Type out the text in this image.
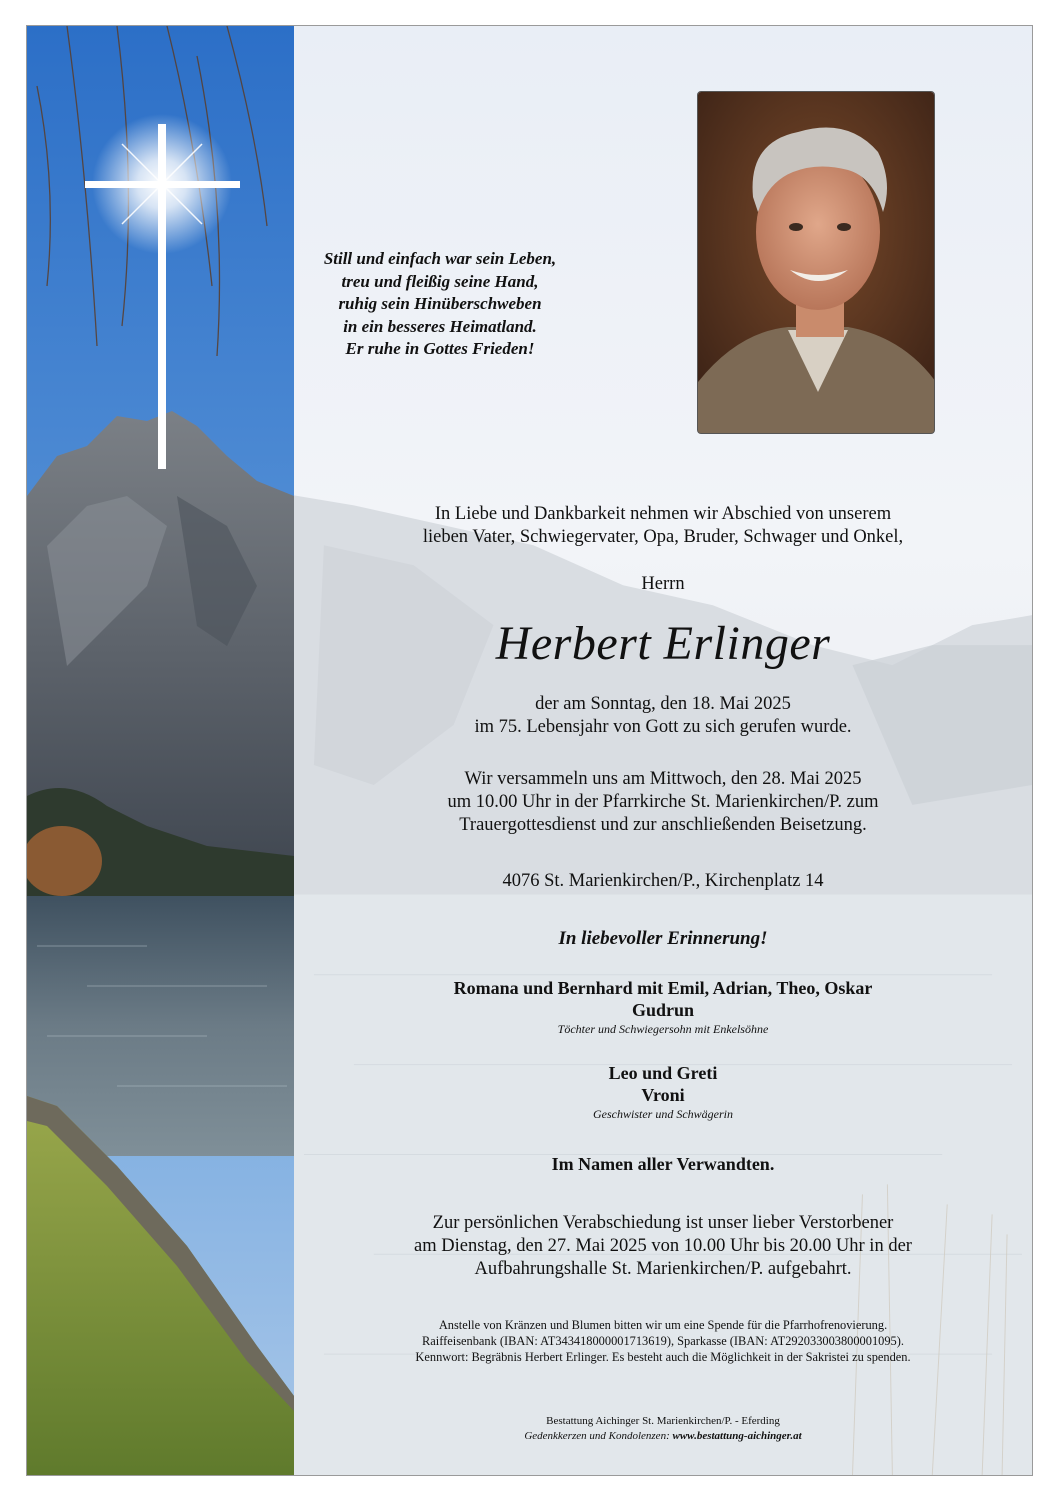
Still und einfach war sein Leben,
treu und fleißig seine Hand,
ruhig sein Hinüberschweben
in ein besseres Heimatland.
Er ruhe in Gottes Frieden!
In Liebe und Dankbarkeit nehmen wir Abschied von unserem
lieben Vater, Schwiegervater, Opa, Bruder, Schwager und Onkel,
Herrn
Herbert Erlinger
der am Sonntag, den 18. Mai 2025
im 75. Lebensjahr von Gott zu sich gerufen wurde.
Wir versammeln uns am Mittwoch, den 28. Mai 2025
um 10.00 Uhr in der Pfarrkirche St. Marienkirchen/P. zum
Trauergottesdienst und zur anschließenden Beisetzung.
4076 St. Marienkirchen/P., Kirchenplatz 14
In liebevoller Erinnerung!
Romana und Bernhard mit Emil, Adrian, Theo, Oskar
Gudrun
Töchter und Schwiegersohn mit Enkelsöhne
Leo und Greti
Vroni
Geschwister und Schwägerin
Im Namen aller Verwandten.
Zur persönlichen Verabschiedung ist unser lieber Verstorbener
am Dienstag, den 27. Mai 2025 von 10.00 Uhr bis 20.00 Uhr in der
Aufbahrungshalle St. Marienkirchen/P. aufgebahrt.
Anstelle von Kränzen und Blumen bitten wir um eine Spende für die Pfarrhofrenovierung.
Raiffeisenbank (IBAN: AT343418000001713619), Sparkasse (IBAN: AT292033003800001095).
Kennwort: Begräbnis Herbert Erlinger. Es besteht auch die Möglichkeit in der Sakristei zu spenden.
Bestattung Aichinger St. Marienkirchen/P. - Eferding
Gedenkkerzen und Kondolenzen: www.bestattung-aichinger.at
